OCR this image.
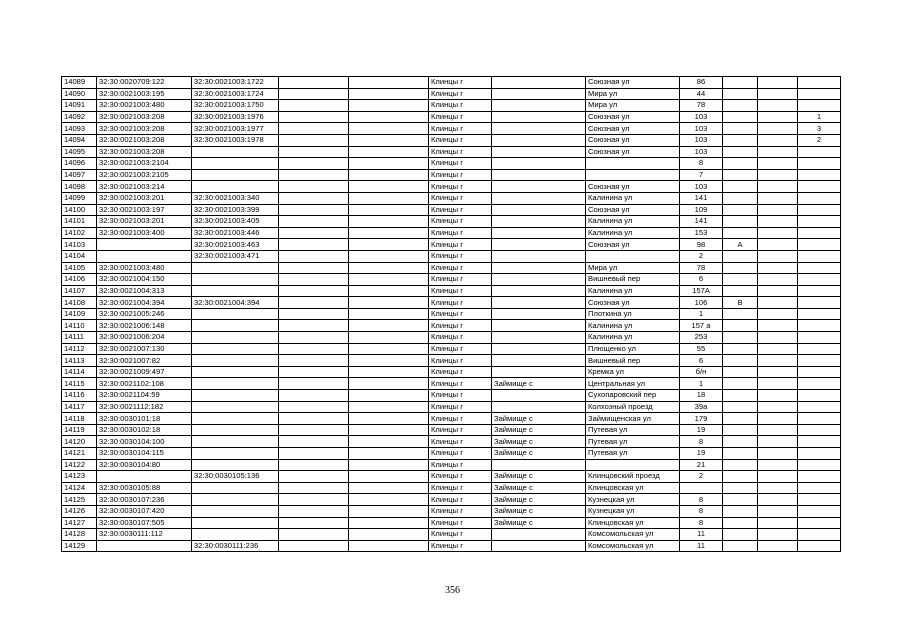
14089	32:30:0020709:122	32:30:0021003:1722			Клинцы г		Союзная ул	86			
14090	32:30:0021003:195	32:30:0021003:1724			Клинцы г		Мира ул	44			
14091	32:30:0021003:480	32:30:0021003:1750			Клинцы г		Мира ул	78			
14092	32:30:0021003:208	32:30:0021003:1976			Клинцы г		Союзная ул	103			1
14093	32:30:0021003:208	32:30:0021003:1977			Клинцы г		Союзная ул	103			3
14094	32:30:0021003:208	32:30:0021003:1978			Клинцы г		Союзная ул	103			2
14095	32:30:0021003:208				Клинцы г		Союзная ул	103			
14096	32:30:0021003:2104				Клинцы г			8			
14097	32:30:0021003:2105				Клинцы г			7			
14098	32:30:0021003:214				Клинцы г		Союзная ул	103			
14099	32:30:0021003:201	32:30:0021003:340			Клинцы г		Калинина ул	141			
14100	32:30:0021003:197	32:30:0021003:399			Клинцы г		Союзная ул	109			
14101	32:30:0021003:201	32:30:0021003:405			Клинцы г		Калинина ул	141			
14102	32:30:0021003:400	32:30:0021003:446			Клинцы г		Калинина ул	153			
14103		32:30:0021003:463			Клинцы г		Союзная ул	98	А		
14104		32:30:0021003:471			Клинцы г			2			
14105	32:30:0021003:480				Клинцы г		Мира ул	78			
14106	32:30:0021004:150				Клинцы г		Вишневый пер	6			
14107	32:30:0021004:313				Клинцы г		Калинина ул	157А			
14108	32:30:0021004:394	32:30:0021004:394			Клинцы г		Союзная ул	106	В		
14109	32:30:0021005:246				Клинцы г		Плоткина ул	1			
14110	32:30:0021006:148				Клинцы г		Калинина ул	157 а			
14111	32:30:0021006:204				Клинцы г		Калинина ул	253			
14112	32:30:0021007:130				Клинцы г		Плющенко ул	55			
14113	32:30:0021007:82				Клинцы г		Вишневый пер	6			
14114	32:30:0021009:497				Клинцы г		Кремка ул	б/н			
14115	32:30:0021102:108				Клинцы г	Займище с	Центральная ул	1			
14116	32:30:0021104:59				Клинцы г		Сухопаровский пер	18			
14117	32:30:0021112:182				Клинцы г		Колхозный проезд	39а			
14118	32:30:0030101:18				Клинцы г	Займище с	Займищенская ул	179			
14119	32:30:0030102:18				Клинцы г	Займище с	Путевая ул	19			
14120	32:30:0030104:100				Клинцы г	Займище с	Путевая ул	8			
14121	32:30:0030104:115				Клинцы г	Займище с	Путевая ул	19			
14122	32:30:0030104:80				Клинцы г			21			
14123		32:30:0030105:136			Клинцы г	Займище с	Клинцовский проезд	2			
14124	32:30:0030105:88				Клинцы г	Займище с	Клинцовская ул				
14125	32:30:0030107:236				Клинцы г	Займище с	Кузнецкая ул	8			
14126	32:30:0030107:420				Клинцы г	Займище с	Кузнецкая ул	8			
14127	32:30:0030107:505				Клинцы г	Займище с	Клинцовская ул	8			
14128	32:30:0030111:112				Клинцы г		Комсомольская ул	11			
14129		32:30:0030111:236			Клинцы г		Комсомольская ул	11			
356
